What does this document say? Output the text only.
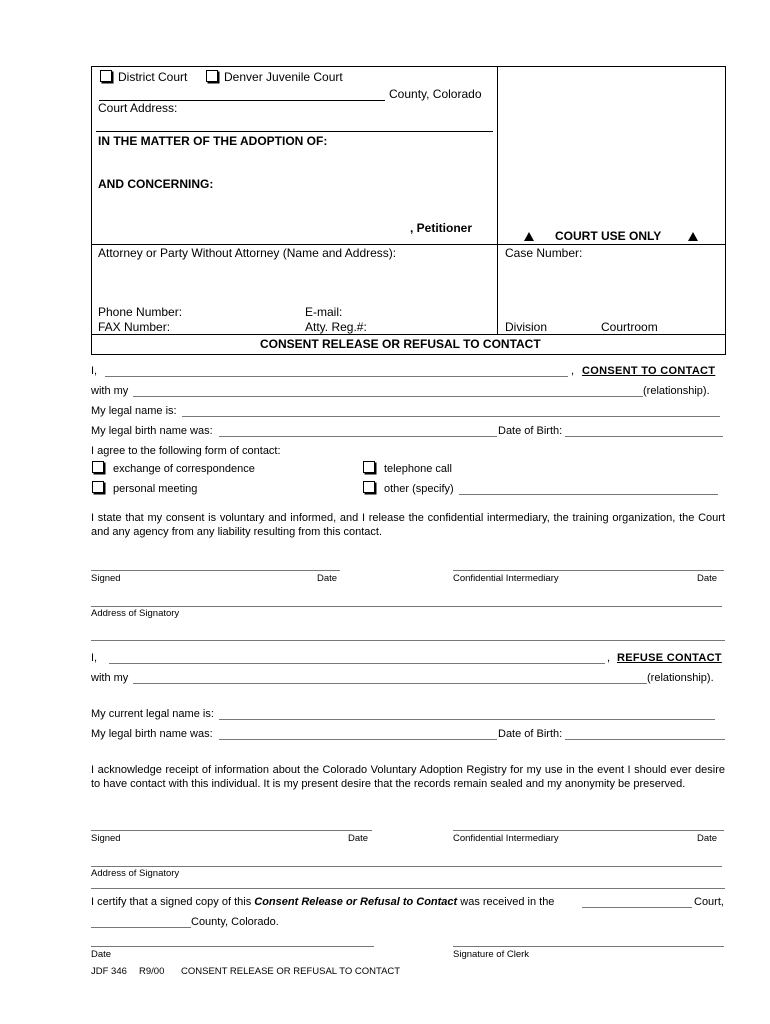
District Court	Denver Juvenile Court
County, Colorado
Court Address:
IN THE MATTER OF THE ADOPTION OF:
AND CONCERNING:
, Petitioner
COURT USE ONLY
Attorney or Party Without Attorney (Name and Address):	Case Number:
Phone Number:	E-mail:
FAX Number:	Atty. Reg.#:	Division	Courtroom
CONSENT RELEASE OR REFUSAL TO CONTACT
I,	, CONSENT TO CONTACT
with my	(relationship).
My legal name is:
My legal birth name was:	Date of Birth:
I agree to the following form of contact:
exchange of correspondence	telephone call
personal meeting	other (specify)
I state that my consent is voluntary and informed, and I release the confidential intermediary, the training organization, the Court and any agency from any liability resulting from this contact.
Signed	Date	Confidential Intermediary	Date
Address of Signatory
I,	, REFUSE CONTACT
with my	(relationship).
My current legal name is:
My legal birth name was:	Date of Birth:
I acknowledge receipt of information about the Colorado Voluntary Adoption Registry for my use in the event I should ever desire to have contact with this individual. It is my present desire that the records remain sealed and my anonymity be preserved.
Signed	Date	Confidential Intermediary	Date
Address of Signatory
I certify that a signed copy of this Consent Release or Refusal to Contact was received in the	Court,
County, Colorado.
Date	Signature of Clerk
JDF 346 R9/00 CONSENT RELEASE OR REFUSAL TO CONTACT
